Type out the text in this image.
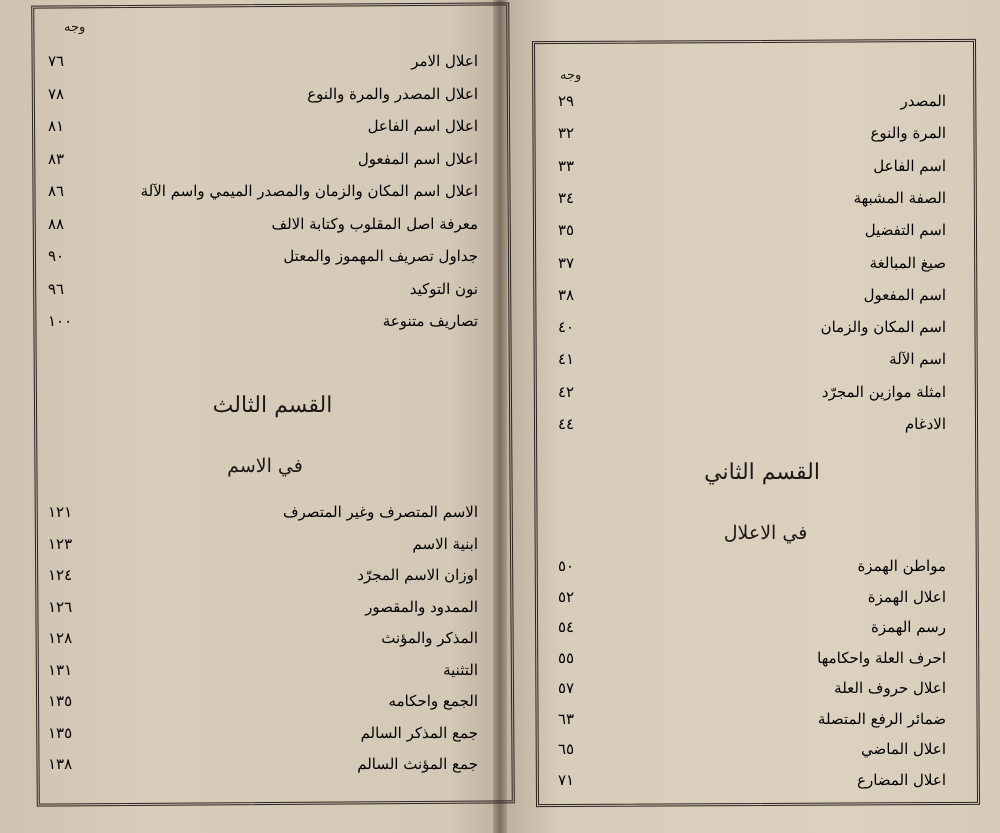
وجه
اعلال الامر
٧٦
اعلال المصدر والمرة والنوع
٧٨
اعلال اسم الفاعل
٨١
اعلال اسم المفعول
٨٣
اعلال اسم المكان والزمان والمصدر الميمي واسم الآلة
٨٦
معرفة اصل المقلوب وكتابة الالف
٨٨
جداول تصريف المهموز والمعتل
٩٠
نون التوكيد
٩٦
تصاريف متنوعة
١٠٠
القسم الثالث
في الاسم
الاسم المتصرف وغير المتصرف
١٢١
ابنية الاسم
١٢٣
اوزان الاسم المجرّد
١٢٤
الممدود والمقصور
١٢٦
المذكر والمؤنث
١٢٨
التثنية
١٣١
الجمع واحكامه
١٣٥
جمع المذكر السالم
١٣٥
جمع المؤنث السالم
١٣٨
وجه
المصدر
٢٩
المرة والنوع
٣٢
اسم الفاعل
٣٣
الصفة المشبهة
٣٤
اسم التفضيل
٣٥
صيغ المبالغة
٣٧
اسم المفعول
٣٨
اسم المكان والزمان
٤٠
اسم الآلة
٤١
امثلة موازين المجرّد
٤٢
الادغام
٤٤
القسم الثاني
في الاعلال
مواطن الهمزة
٥٠
اعلال الهمزة
٥٢
رسم الهمزة
٥٤
احرف العلة واحكامها
٥٥
اعلال حروف العلة
٥٧
ضمائر الرفع المتصلة
٦٣
اعلال الماضي
٦٥
اعلال المضارع
٧١
